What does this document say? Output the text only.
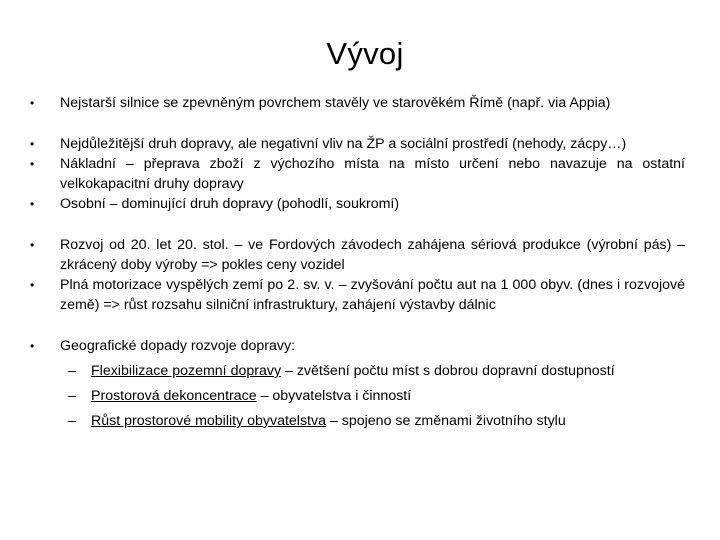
Vývoj
•	Nejstarší silnice se zpevněným povrchem stavěly ve starověkém Římě (např. via Appia)
•	Nejdůležitější druh dopravy, ale negativní vliv na ŽP a sociální prostředí (nehody, zácpy…)
•	Nákladní – přeprava zboží z výchozího místa na místo určení nebo navazuje na ostatní velkokapacitní druhy dopravy
•	Osobní – dominující druh dopravy (pohodlí, soukromí)
•	Rozvoj od 20. let 20. stol. – ve Fordových závodech zahájena sériová produkce (výrobní pás) – zkrácený doby výroby => pokles ceny vozidel
•	Plná motorizace vyspělých zemí po 2. sv. v. – zvyšování počtu aut na 1 000 obyv. (dnes i rozvojové země) => růst rozsahu silniční infrastruktury, zahájení výstavby dálnic
•	Geografické dopady rozvoje dopravy:
–	Flexibilizace pozemní dopravy – zvětšení počtu míst s dobrou dopravní dostupností
–	Prostorová dekoncentrace – obyvatelstva i činností
–	Růst prostorové mobility obyvatelstva – spojeno se změnami životního stylu
